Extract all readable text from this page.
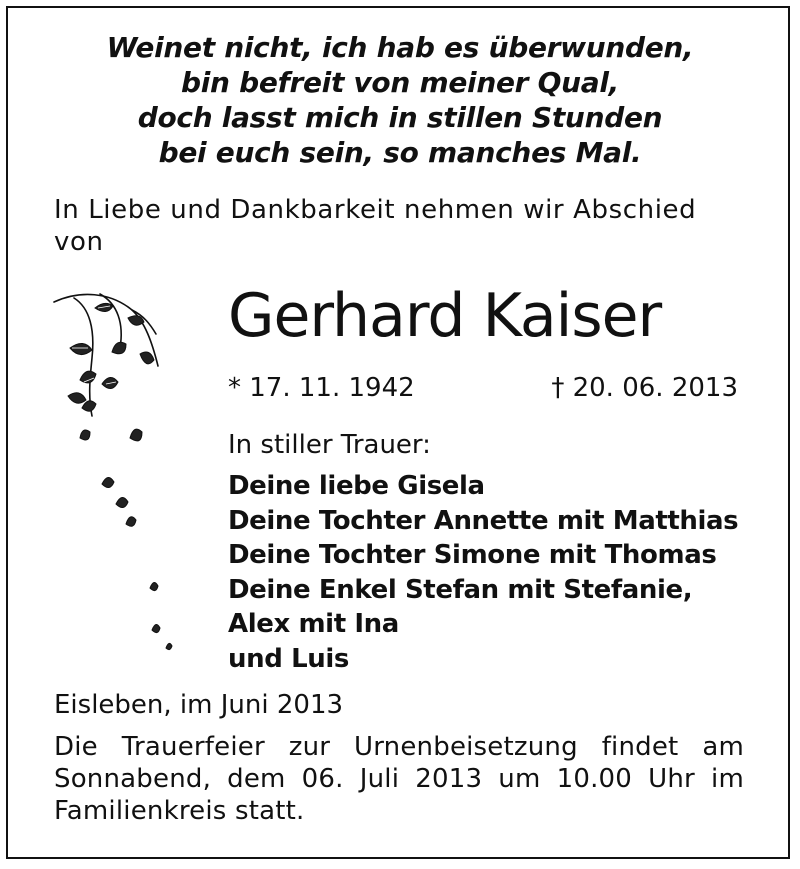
Weinet nicht, ich hab es überwunden,
bin befreit von meiner Qual,
doch lasst mich in stillen Stunden
bei euch sein, so manches Mal.
In Liebe und Dankbarkeit nehmen wir Abschied von
Gerhard Kaiser
* 17. 11. 1942	† 20. 06. 2013
In stiller Trauer:
Deine liebe Gisela
Deine Tochter Annette mit Matthias
Deine Tochter Simone mit Thomas
Deine Enkel Stefan mit Stefanie,
Alex mit Ina
und Luis
Eisleben, im Juni 2013
Die Trauerfeier zur Urnenbeisetzung findet am Sonnabend, dem 06. Juli 2013 um 10.00 Uhr im Familienkreis statt.
